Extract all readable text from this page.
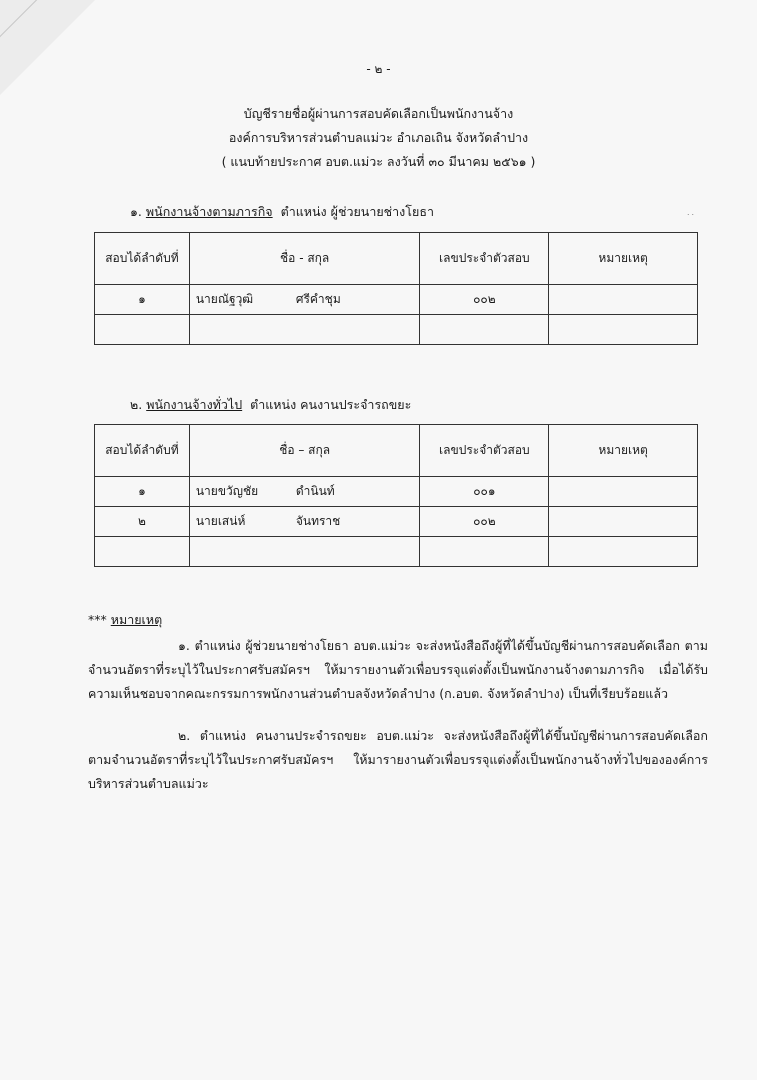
- ๒ -
บัญชีรายชื่อผู้ผ่านการสอบคัดเลือกเป็นพนักงานจ้าง
องค์การบริหารส่วนตำบลแม่วะ อำเภอเถิน จังหวัดลำปาง
( แนบท้ายประกาศ อบต.แม่วะ ลงวันที่ ๓๐ มีนาคม ๒๕๖๑ )
๑. พนักงานจ้างตามภารกิจ ตำแหน่ง ผู้ช่วยนายช่างโยธา	˙˙
สอบได้ลำดับที่	ชื่อ - สกุล	เลขประจำตัวสอบ	หมายเหตุ
๑	นายณัฐวุฒิ ศรีคำชุม	๐๐๒	

๒. พนักงานจ้างทั่วไป ตำแหน่ง คนงานประจำรถขยะ
สอบได้ลำดับที่	ชื่อ – สกุล	เลขประจำตัวสอบ	หมายเหตุ
๑	นายขวัญชัย ดำนินท์	๐๐๑	
๒	นายเสน่ห์ จันทราช	๐๐๒	

*** หมายเหตุ
๑. ตำแหน่ง ผู้ช่วยนายช่างโยธา อบต.แม่วะ จะส่งหนังสือถึงผู้ที่ได้ขึ้นบัญชีผ่านการสอบคัดเลือก ตามจำนวนอัตราที่ระบุไว้ในประกาศรับสมัครฯ ให้มารายงานตัวเพื่อบรรจุแต่งตั้งเป็นพนักงานจ้างตามภารกิจ เมื่อได้รับความเห็นชอบจากคณะกรรมการพนักงานส่วนตำบลจังหวัดลำปาง (ก.อบต. จังหวัดลำปาง) เป็นที่เรียบร้อยแล้ว
๒. ตำแหน่ง คนงานประจำรถขยะ อบต.แม่วะ จะส่งหนังสือถึงผู้ที่ได้ขึ้นบัญชีผ่านการสอบคัดเลือก ตามจำนวนอัตราที่ระบุไว้ในประกาศรับสมัครฯ ให้มารายงานตัวเพื่อบรรจุแต่งตั้งเป็นพนักงานจ้างทั่วไปขององค์การบริหารส่วนตำบลแม่วะ
